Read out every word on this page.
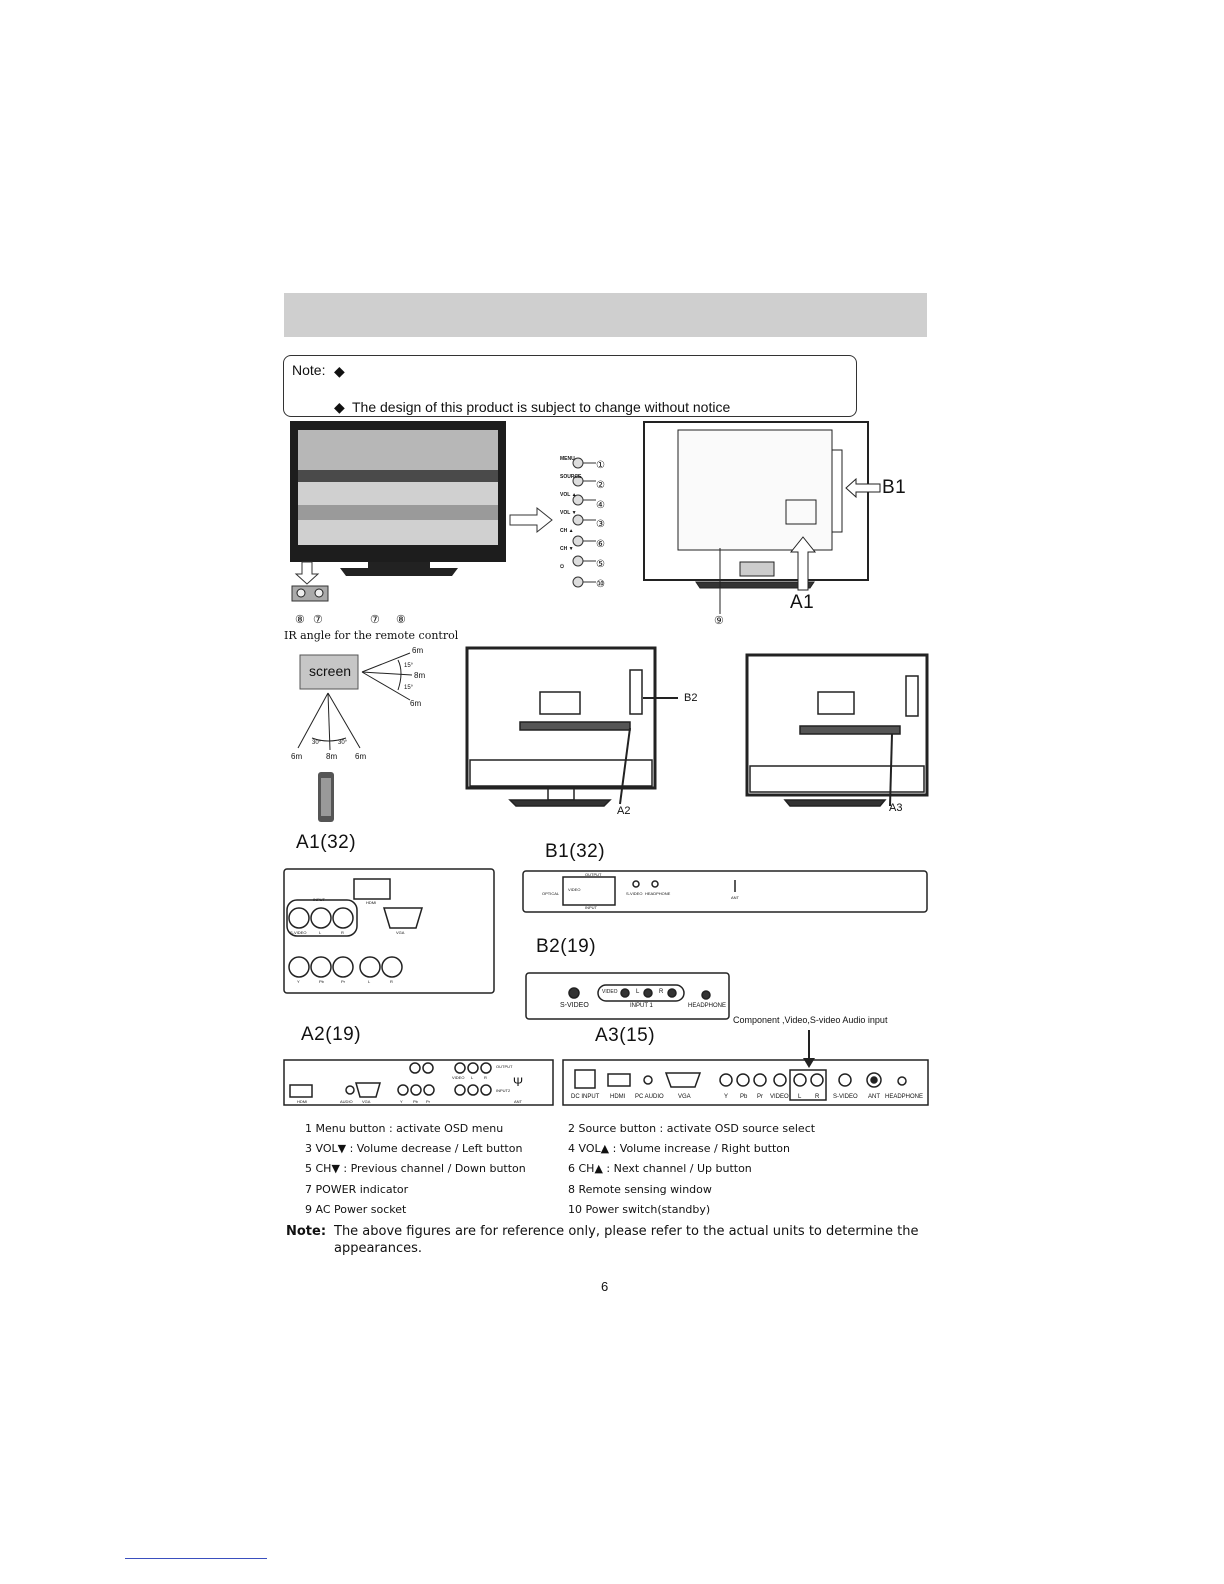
Note: ◆
◆ The design of this product is subject to change without notice
MENU
SOURCE
VOL ▲
VOL ▼
CH ▲
CH ▼
⏻
①
②
④
③
⑥
⑤
⑩
⑧ ⑦	⑦ ⑧
IR angle for the remote control
screen	15°
15°
30°	30°
6m
8m
6m
6m	8m 6m
B1
A1
⑨
B2
A2	A3
A1(32)	B1(32)
B2(19)
A2(19)	A3(15)
INPUT
HDMI
VGA
S-VIDEO	L	R
Y	Pb	Pr	L	R
OPTICAL
OUTPUT
INPUT
VIDEO
S-VIDEO HEADPHONE
ANT
S-VIDEO
VIDEO	L	R
INPUT 1	HEADPHONE
HDMI	AUDIO VGA	Y	Pb Pr
OUTPUT
INPUT2
VIDEO L	R
ANT
Ψ
Component ,Video,S-video Audio input
DC INPUT HDMI PC AUDIO VGA	Y Pb Pr VIDEO L R S-VIDEO ANT HEADPHONE
1 Menu button : activate OSD menu	2 Source button : activate OSD source select
3 VOL▼ : Volume decrease / Left button	4 VOL▲ : Volume increase / Right button
5 CH▼ : Previous channel / Down button	6 CH▲ : Next channel / Up button
7 POWER indicator	8 Remote sensing window
9 AC Power socket	10 Power switch(standby)
Note: The above figures are for reference only, please refer to the actual units to determine the
appearances.
6
